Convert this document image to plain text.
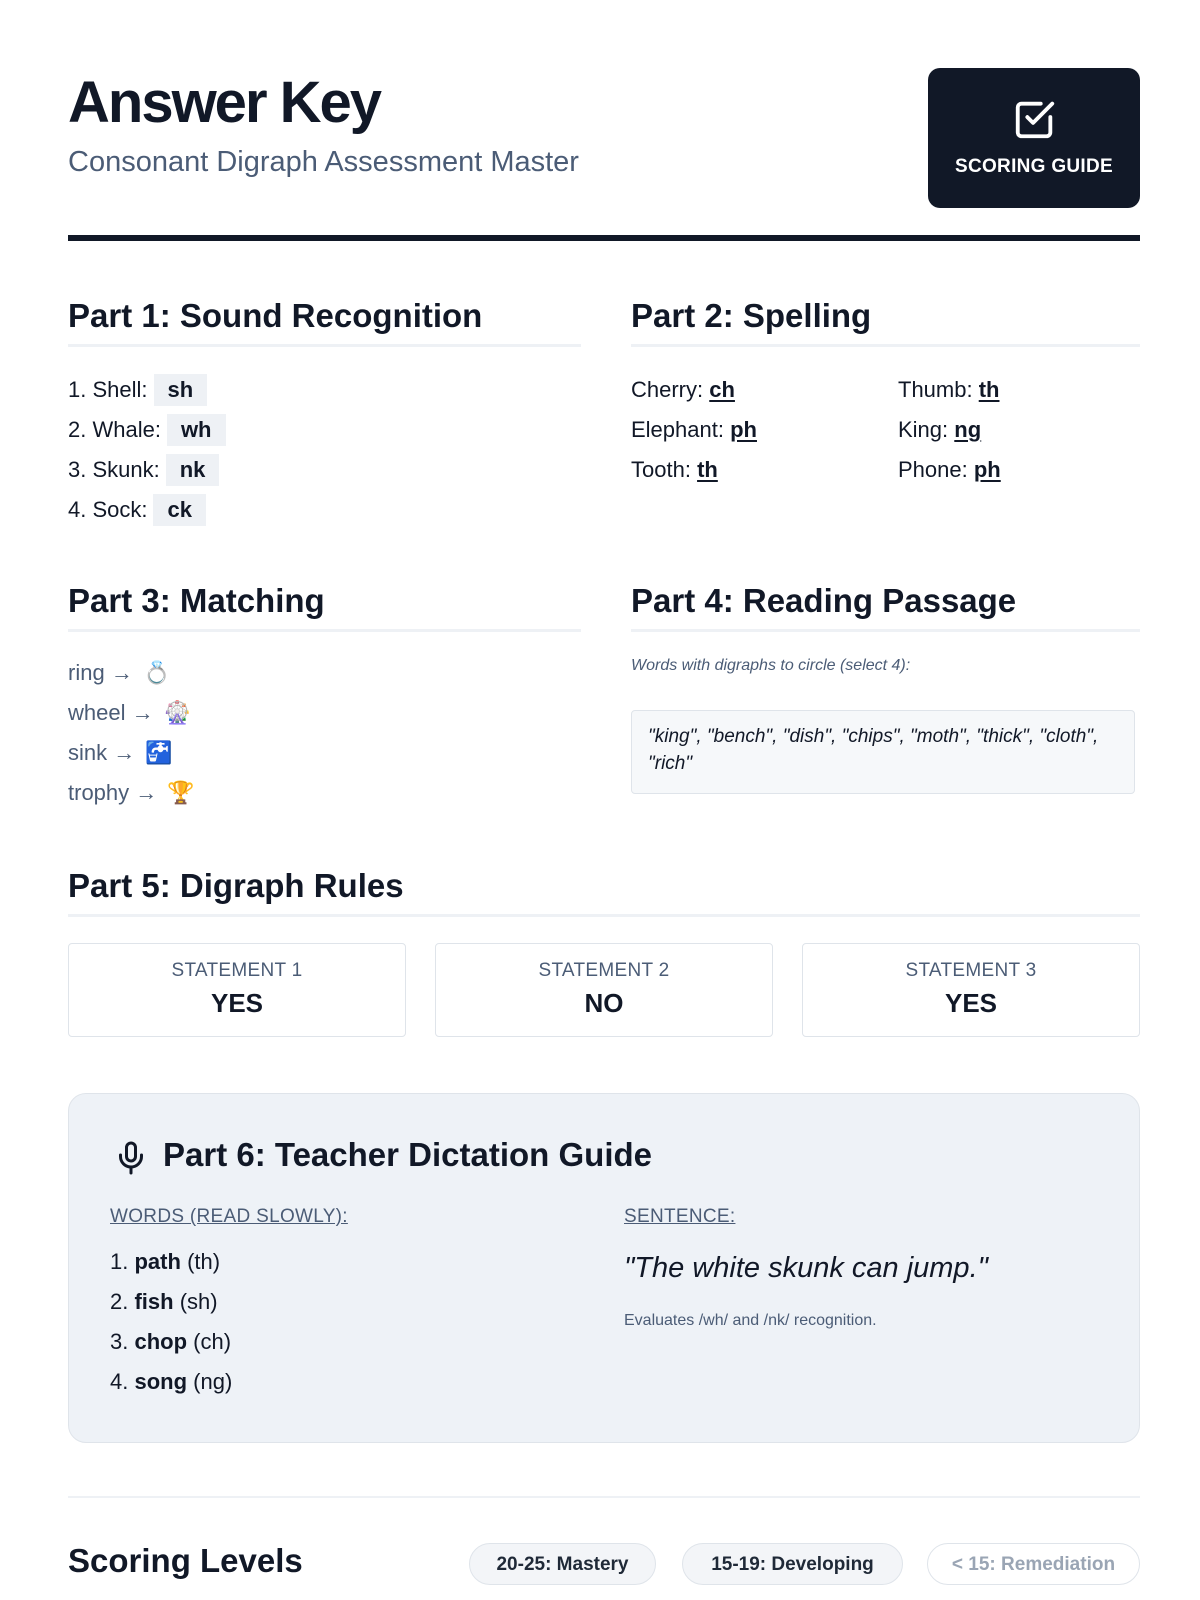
Answer Key
Consonant Digraph Assessment Master	SCORING GUIDE
Part 1: Sound Recognition
1. Shell: sh
2. Whale: wh
3. Skunk: nk
4. Sock: ck
Part 2: Spelling
Cherry: ch	Thumb: th
Elephant: ph	King: ng
Tooth: th	Phone: ph
Part 3: Matching
ring → 💍
wheel → 🎡
sink → 🚰
trophy → 🏆
Part 4: Reading Passage
Words with digraphs to circle (select 4):
"king", "bench", "dish", "chips", "moth", "thick", "cloth", "rich"
Part 5: Digraph Rules
STATEMENT 1
YES
STATEMENT 2
NO
STATEMENT 3
YES
Part 6: Teacher Dictation Guide
WORDS (READ SLOWLY):
1. path (th)
2. fish (sh)
3. chop (ch)
4. song (ng)
SENTENCE:
"The white skunk can jump."
Evaluates /wh/ and /nk/ recognition.
Scoring Levels	20-25: Mastery	15-19: Developing	< 15: Remediation
